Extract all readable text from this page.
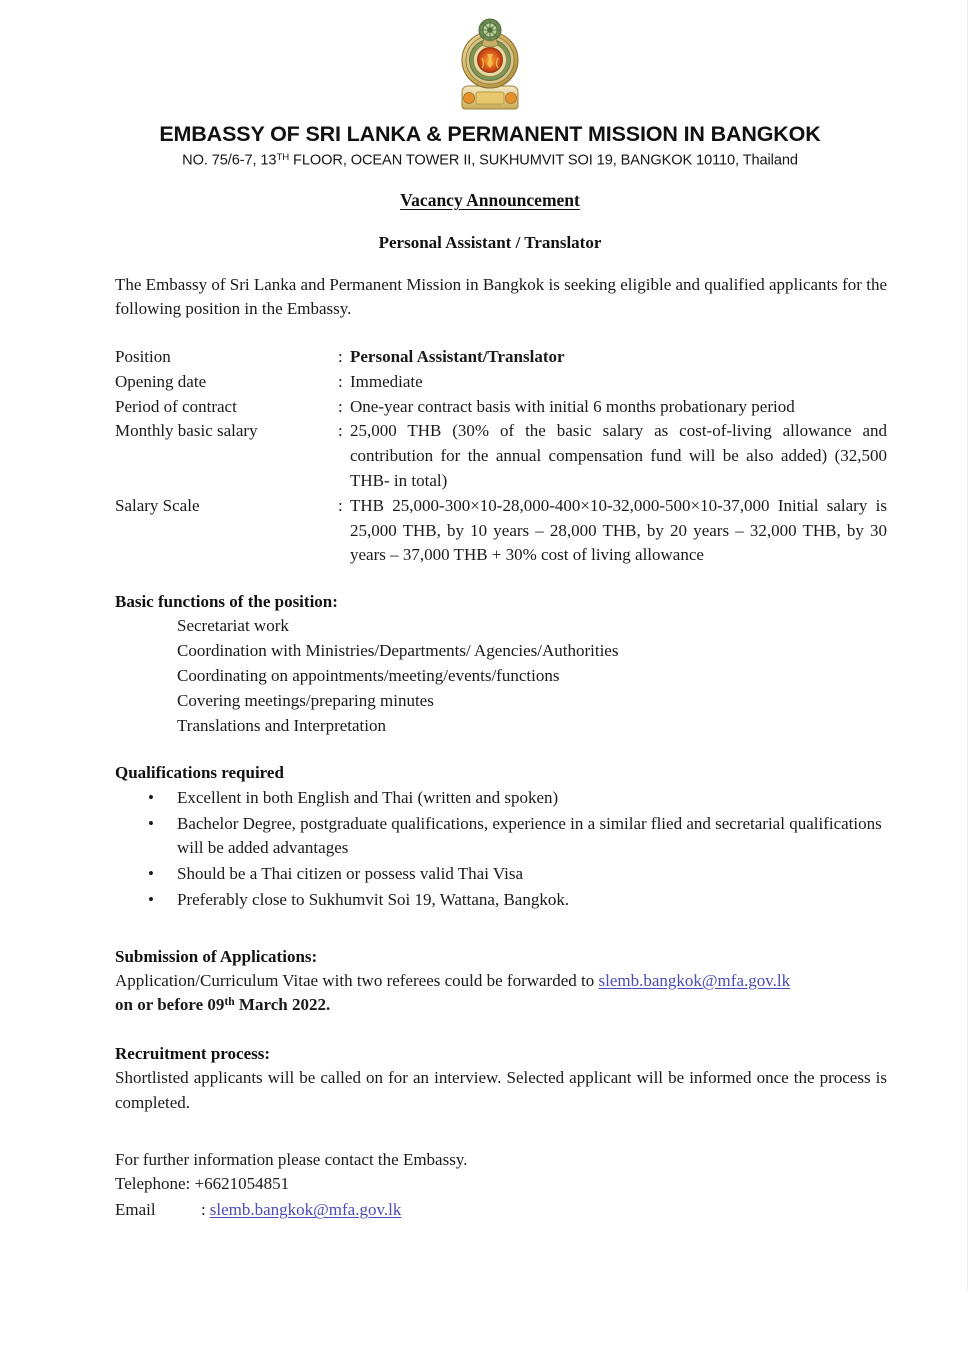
EMBASSY OF SRI LANKA & PERMANENT MISSION IN BANGKOK
NO. 75/6-7, 13TH FLOOR, OCEAN TOWER II, SUKHUMVIT SOI 19, BANGKOK 10110, Thailand
Vacancy Announcement
Personal Assistant / Translator
The Embassy of Sri Lanka and Permanent Mission in Bangkok is seeking eligible and qualified applicants for the following position in the Embassy.
Position	: Personal Assistant/Translator
Opening date	: Immediate
Period of contract	: One-year contract basis with initial 6 months probationary period
Monthly basic salary	: 25,000 THB (30% of the basic salary as cost-of-living allowance and contribution for the annual compensation fund will be also added) (32,500 THB- in total)
Salary Scale	: THB 25,000-300×10-28,000-400×10-32,000-500×10-37,000 Initial salary is 25,000 THB, by 10 years – 28,000 THB, by 20 years – 32,000 THB, by 30 years – 37,000 THB + 30% cost of living allowance
Basic functions of the position:
Secretariat work
Coordination with Ministries/Departments/ Agencies/Authorities
Coordinating on appointments/meeting/events/functions
Covering meetings/preparing minutes
Translations and Interpretation
Qualifications required
• Excellent in both English and Thai (written and spoken)
• Bachelor Degree, postgraduate qualifications, experience in a similar flied and secretarial qualifications will be added advantages
• Should be a Thai citizen or possess valid Thai Visa
• Preferably close to Sukhumvit Soi 19, Wattana, Bangkok.
Submission of Applications:
Application/Curriculum Vitae with two referees could be forwarded to slemb.bangkok@mfa.gov.lk
on or before 09th March 2022.
Recruitment process:
Shortlisted applicants will be called on for an interview. Selected applicant will be informed once the process is completed.
For further information please contact the Embassy.
Telephone: +6621054851
Email	: slemb.bangkok@mfa.gov.lk
